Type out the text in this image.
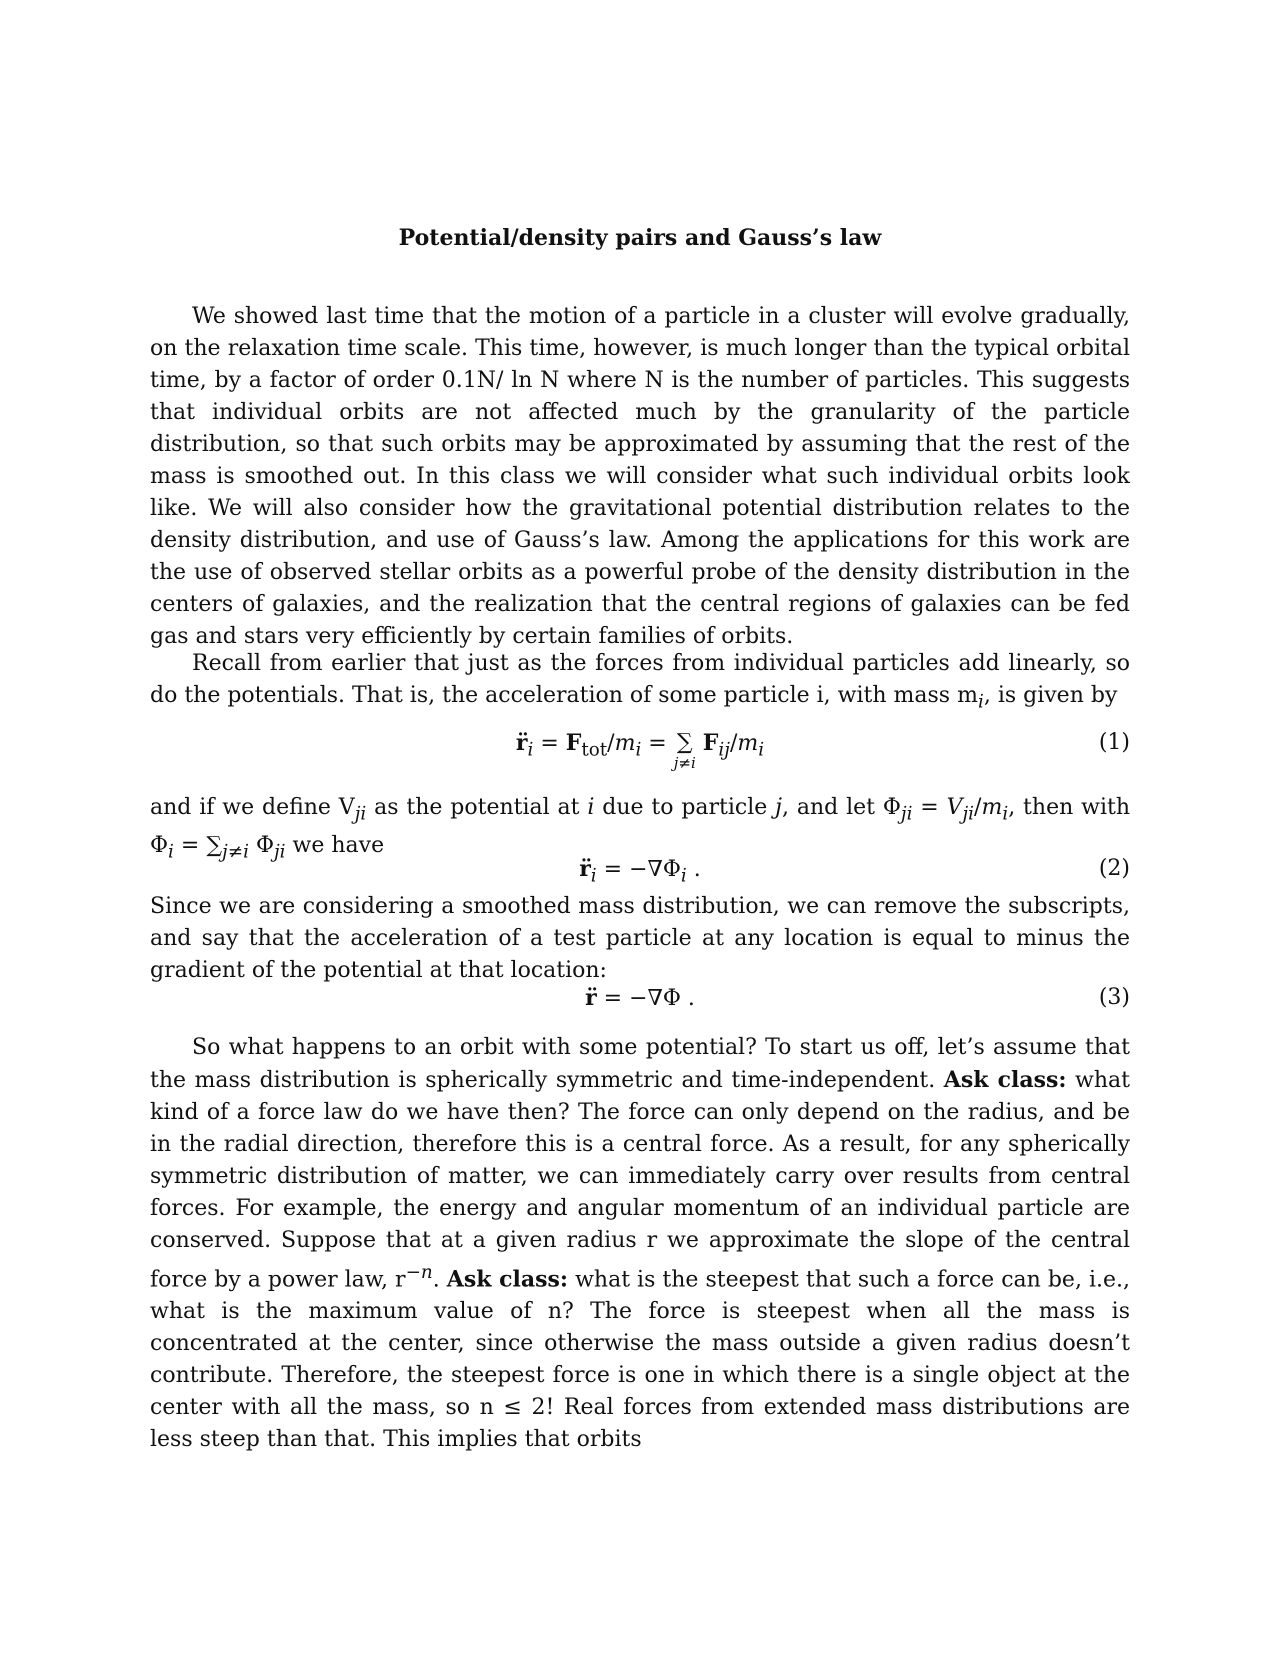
Potential/density pairs and Gauss’s law

We showed last time that the motion of a particle in a cluster will evolve gradually, on the relaxation time scale. This time, however, is much longer than the typical orbital time, by a factor of order 0.1N/ ln N where N is the number of particles. This suggests that individual orbits are not affected much by the granularity of the particle distribution, so that such orbits may be approximated by assuming that the rest of the mass is smoothed out. In this class we will consider what such individual orbits look like. We will also consider how the gravitational potential distribution relates to the density distribution, and use of Gauss’s law. Among the applications for this work are the use of observed stellar orbits as a powerful probe of the density distribution in the centers of galaxies, and the realization that the central regions of galaxies can be fed gas and stars very efficiently by certain families of orbits.

Recall from earlier that just as the forces from individual particles add linearly, so do the potentials. That is, the acceleration of some particle i, with mass $m_i$, is given by

$r̈_i = F_{tot}/m_i$ = ∑
j≠i
$F_{ij}/m_i$	(1)

and if we define $V_{ji}$ as the potential at i due to particle j, and let $\Phi_{ji} = V_{ji}/m_i$, then with $\Phi_i = \sum_{j\ne i}$ $\Phi_{ji}$ we have

$r̈_i = -\nabla\Phi_i$ .	(2)

Since we are considering a smoothed mass distribution, we can remove the subscripts, and say that the acceleration of a test particle at any location is equal to minus the gradient of the potential at that location:

r̈ = −∇Φ .	(3)

So what happens to an orbit with some potential? To start us off, let’s assume that the mass distribution is spherically symmetric and time-independent. Ask class: what kind of a force law do we have then? The force can only depend on the radius, and be in the radial direction, therefore this is a central force. As a result, for any spherically symmetric distribution of matter, we can immediately carry over results from central forces. For example, the energy and angular momentum of an individual particle are conserved. Suppose that at a given radius r we approximate the slope of the central force by a power law, $r^{-n}$. Ask class: what is the steepest that such a force can be, i.e., what is the maximum value of n? The force is steepest when all the mass is concentrated at the center, since otherwise the mass outside a given radius doesn’t contribute. Therefore, the steepest force is one in which there is a single object at the center with all the mass, so n ≤ 2! Real forces from extended mass distributions are less steep than that. This implies that orbits
